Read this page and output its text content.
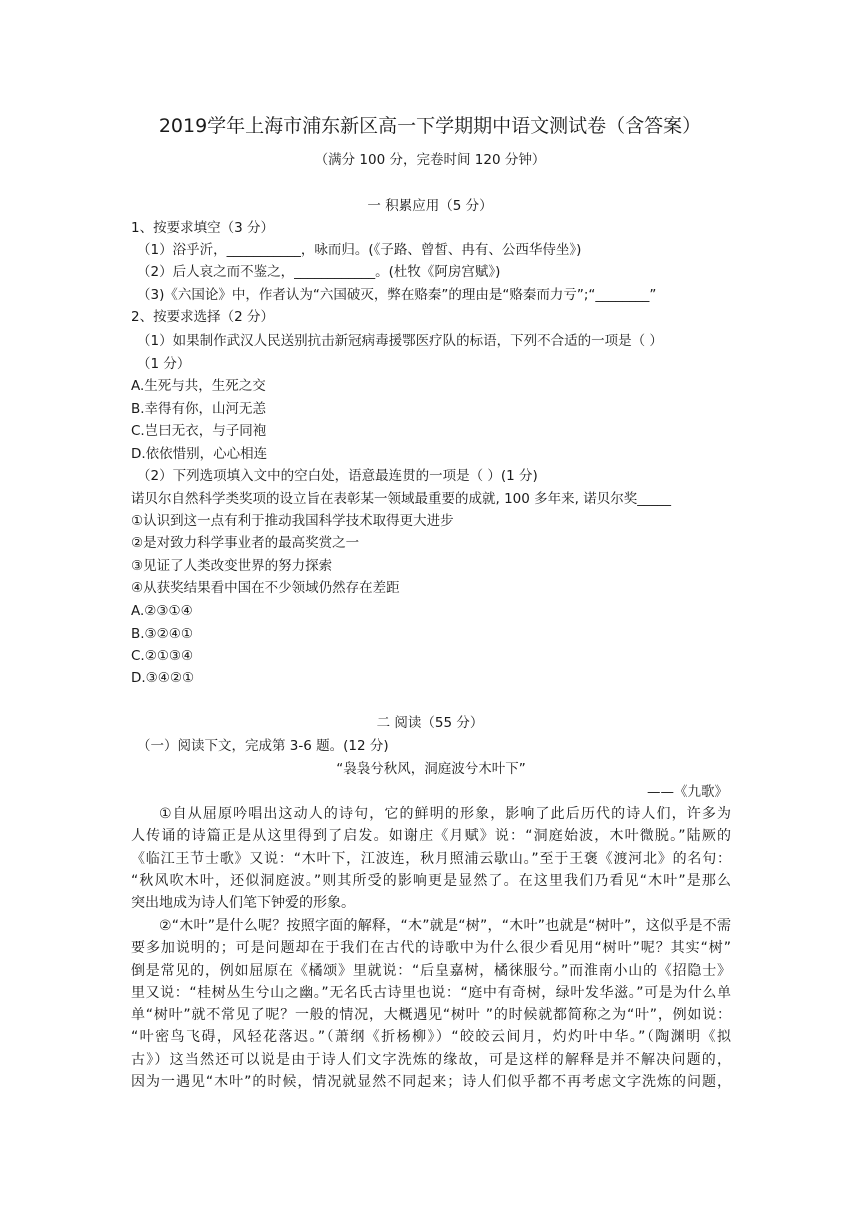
2019学年上海市浦东新区高一下学期期中语文测试卷（含答案）
（满分 100 分，完卷时间 120 分钟）
一 积累应用（5 分）
1、按要求填空（3 分）
（1）浴乎沂，___________，咏而归。(《子路、曾皙、冉有、公西华侍坐》)
（2）后人哀之而不鉴之，____________。(杜牧《阿房宫赋》)
（3)《六国论》中，作者认为“六国破灭，弊在赂秦”的理由是“赂秦而力亏”;“________”
2、按要求选择（2 分）
（1）如果制作武汉人民送别抗击新冠病毒援鄂医疗队的标语，下列不合适的一项是（ ）
（1 分）
A.生死与共，生死之交
B.幸得有你，山河无恙
C.岂曰无衣，与子同袍
D.依依惜别，心心相连
（2）下列选项填入文中的空白处，语意最连贯的一项是（ ）(1 分)
诺贝尔自然科学类奖项的设立旨在表彰某一领域最重要的成就, 100 多年来, 诺贝尔奖_____
①认识到这一点有利于推动我国科学技术取得更大进步
②是对致力科学事业者的最高奖赏之一
③见证了人类改变世界的努力探索
④从获奖结果看中国在不少领域仍然存在差距
A.②③①④
B.③②④①
C.②①③④
D.③④②①
二 阅读（55 分）
（一）阅读下文，完成第 3-6 题。(12 分)
“袅袅兮秋风，洞庭波兮木叶下”
——《九歌》

①自从屈原吟唱出这动人的诗句，它的鲜明的形象，影响了此后历代的诗人们，许多为

人传诵的诗篇正是从这里得到了启发。如谢庄《月赋》说：“洞庭始波，木叶微脱。”陆厥的

《临江王节士歌》又说：“木叶下，江波连，秋月照浦云歇山。”至于王褒《渡河北》的名句：

“秋风吹木叶，还似洞庭波。”则其所受的影响更是显然了。在这里我们乃看见“木叶”是那么

突出地成为诗人们笔下钟爱的形象。

②“木叶”是什么呢？按照字面的解释，“木”就是“树”，“木叶”也就是“树叶”，这似乎是不需

要多加说明的；可是问题却在于我们在古代的诗歌中为什么很少看见用“树叶”呢？其实“树”

倒是常见的，例如屈原在《橘颂》里就说：“后皇嘉树，橘徕服兮。”而淮南小山的《招隐士》

里又说：“桂树丛生兮山之幽。”无名氏古诗里也说：“庭中有奇树，绿叶发华滋。”可是为什么单

单“树叶”就不常见了呢？一般的情况，大概遇见“树叶 ”的时候就都简称之为“叶”，例如说：

“叶密鸟飞碍，风轻花落迟。”（萧纲《折杨柳》）“皎皎云间月，灼灼叶中华。”（陶渊明《拟

古》）这当然还可以说是由于诗人们文字洗炼的缘故，可是这样的解释是并不解决问题的，

因为一遇见“木叶”的时候，情况就显然不同起来；诗人们似乎都不再考虑文字洗炼的问题，
